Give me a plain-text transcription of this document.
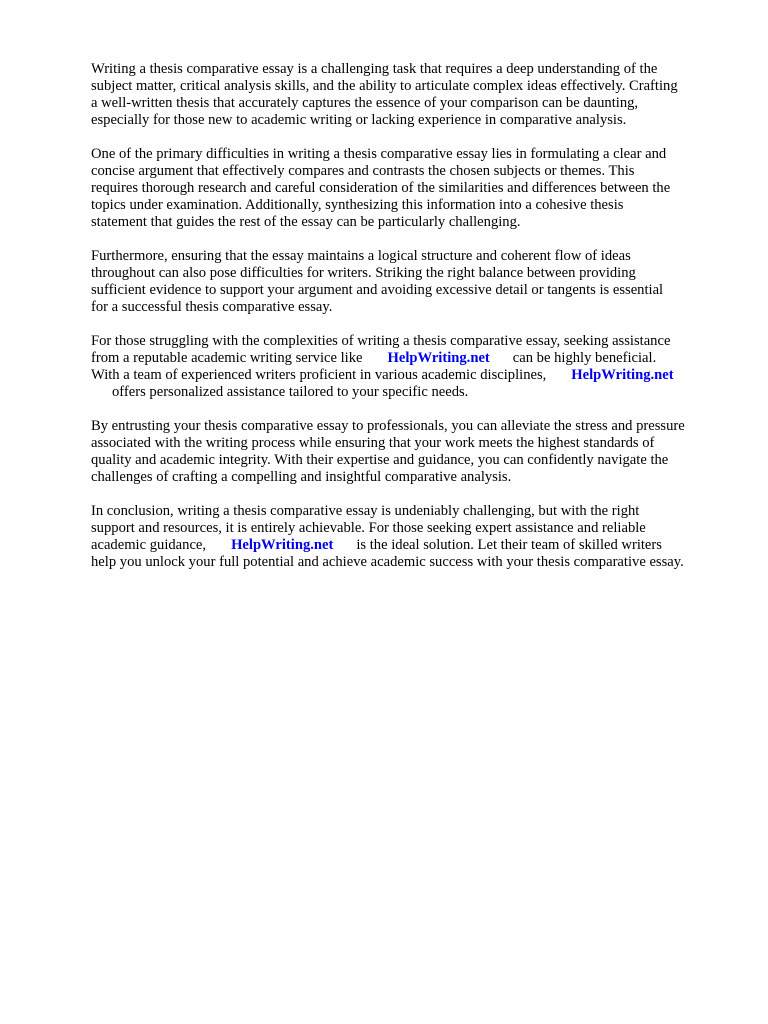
Writing a thesis comparative essay is a challenging task that requires a deep understanding of the
subject matter, critical analysis skills, and the ability to articulate complex ideas effectively. Crafting
a well-written thesis that accurately captures the essence of your comparison can be daunting,
especially for those new to academic writing or lacking experience in comparative analysis.

One of the primary difficulties in writing a thesis comparative essay lies in formulating a clear and
concise argument that effectively compares and contrasts the chosen subjects or themes. This
requires thorough research and careful consideration of the similarities and differences between the
topics under examination. Additionally, synthesizing this information into a cohesive thesis
statement that guides the rest of the essay can be particularly challenging.

Furthermore, ensuring that the essay maintains a logical structure and coherent flow of ideas
throughout can also pose difficulties for writers. Striking the right balance between providing
sufficient evidence to support your argument and avoiding excessive detail or tangents is essential
for a successful thesis comparative essay.

For those struggling with the complexities of writing a thesis comparative essay, seeking assistance
from a reputable academic writing service like HelpWriting.net can be highly beneficial.
With a team of experienced writers proficient in various academic disciplines, HelpWriting.net
offers personalized assistance tailored to your specific needs.

By entrusting your thesis comparative essay to professionals, you can alleviate the stress and pressure
associated with the writing process while ensuring that your work meets the highest standards of
quality and academic integrity. With their expertise and guidance, you can confidently navigate the
challenges of crafting a compelling and insightful comparative analysis.

In conclusion, writing a thesis comparative essay is undeniably challenging, but with the right
support and resources, it is entirely achievable. For those seeking expert assistance and reliable
academic guidance, HelpWriting.net is the ideal solution. Let their team of skilled writers
help you unlock your full potential and achieve academic success with your thesis comparative essay.
